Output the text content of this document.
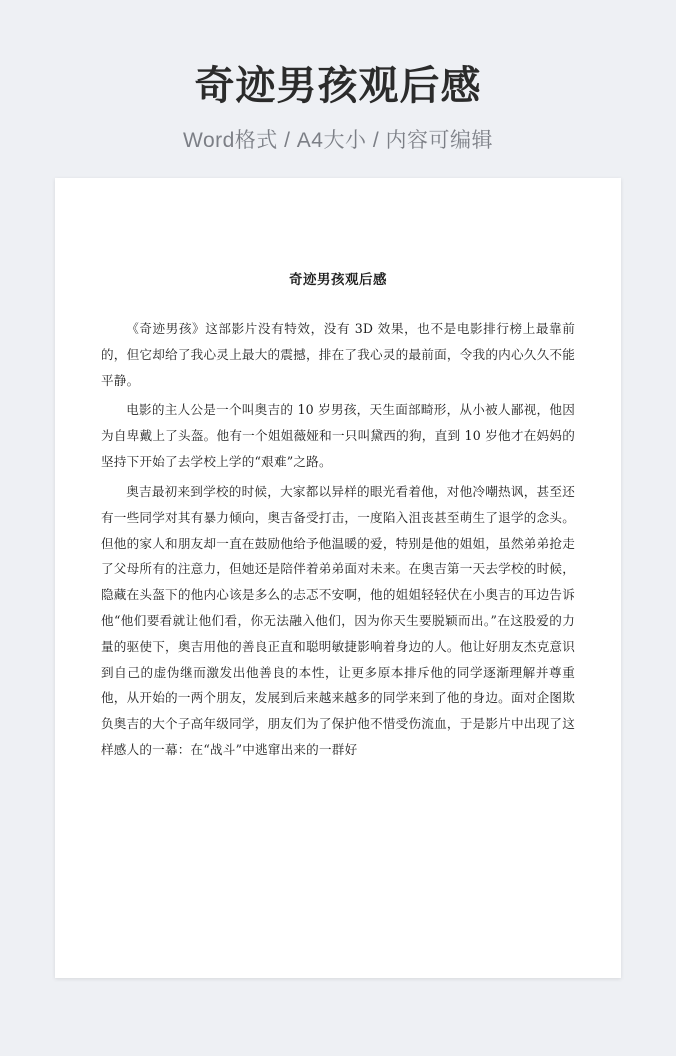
奇迹男孩观后感
Word格式 / A4大小 / 内容可编辑
奇迹男孩观后感

《奇迹男孩》这部影片没有特效，没有 3D 效果，也不是电影排行榜上最靠前的，但它却给了我心灵上最大的震撼，排在了我心灵的最前面，令我的内心久久不能平静。

电影的主人公是一个叫奥吉的 10 岁男孩，天生面部畸形，从小被人鄙视，他因为自卑戴上了头盔。他有一个姐姐薇娅和一只叫黛西的狗，直到 10 岁他才在妈妈的坚持下开始了去学校上学的“艰难”之路。

奥吉最初来到学校的时候，大家都以异样的眼光看着他，对他冷嘲热讽，甚至还有一些同学对其有暴力倾向，奥吉备受打击，一度陷入沮丧甚至萌生了退学的念头。但他的家人和朋友却一直在鼓励他给予他温暖的爱，特别是他的姐姐，虽然弟弟抢走了父母所有的注意力，但她还是陪伴着弟弟面对未来。在奥吉第一天去学校的时候，隐藏在头盔下的他内心该是多么的忐忑不安啊，他的姐姐轻轻伏在小奥吉的耳边告诉他“他们要看就让他们看，你无法融入他们，因为你天生要脱颖而出。”在这股爱的力量的驱使下，奥吉用他的善良正直和聪明敏捷影响着身边的人。他让好朋友杰克意识到自己的虚伪继而激发出他善良的本性，让更多原本排斥他的同学逐渐理解并尊重他，从开始的一两个朋友，发展到后来越来越多的同学来到了他的身边。面对企图欺负奥吉的大个子高年级同学，朋友们为了保护他不惜受伤流血，于是影片中出现了这样感人的一幕：在“战斗”中逃窜出来的一群好
